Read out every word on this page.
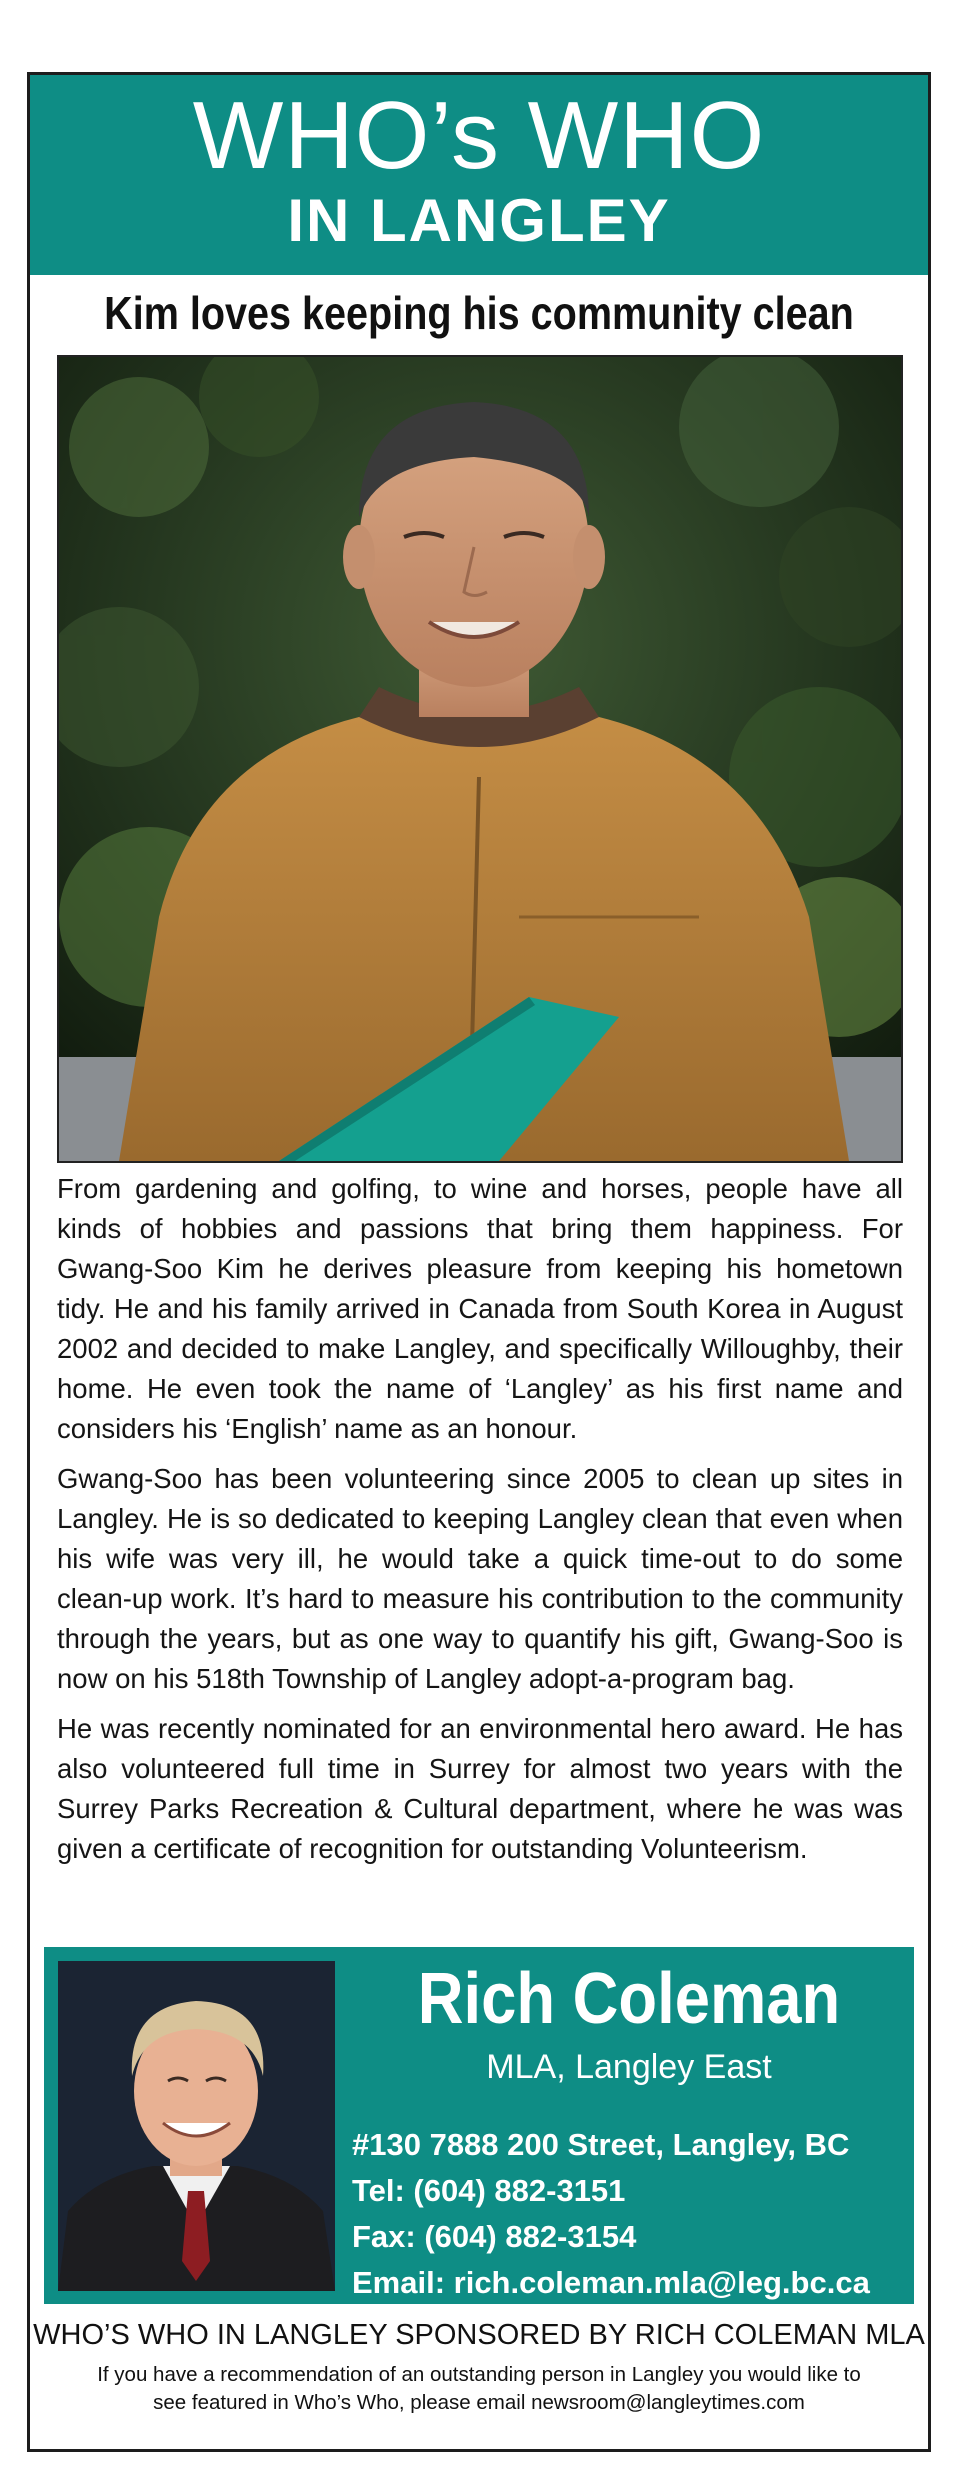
WHO’s WHO
IN LANGLEY
Kim loves keeping his community clean

From gardening and golfing, to wine and horses, people have all kinds of hobbies and passions that bring them happiness. For Gwang-Soo Kim he derives pleasure from keeping his hometown tidy. He and his family arrived in Canada from South Korea in August 2002 and decided to make Langley, and specifically Willoughby, their home. He even took the name of ‘Langley’ as his first name and considers his ‘English’ name as an honour.

Gwang-Soo has been volunteering since 2005 to clean up sites in Langley. He is so dedicated to keeping Langley clean that even when his wife was very ill, he would take a quick time-out to do some clean-up work. It’s hard to measure his contribution to the community through the years, but as one way to quantify his gift, Gwang-Soo is now on his 518th Township of Langley adopt-a-program bag.

He was recently nominated for an environmental hero award. He has also volunteered full time in Surrey for almost two years with the Surrey Parks Recreation & Cultural department, where he was was given a certificate of recognition for outstanding Volunteerism.

Rich Coleman
MLA, Langley East
#130 7888 200 Street, Langley, BC
Tel: (604) 882-3151
Fax: (604) 882-3154
Email: rich.coleman.mla@leg.bc.ca
WHO’S WHO IN LANGLEY SPONSORED BY RICH COLEMAN MLA
If you have a recommendation of an outstanding person in Langley you would like to
see featured in Who’s Who, please email newsroom@langleytimes.com
